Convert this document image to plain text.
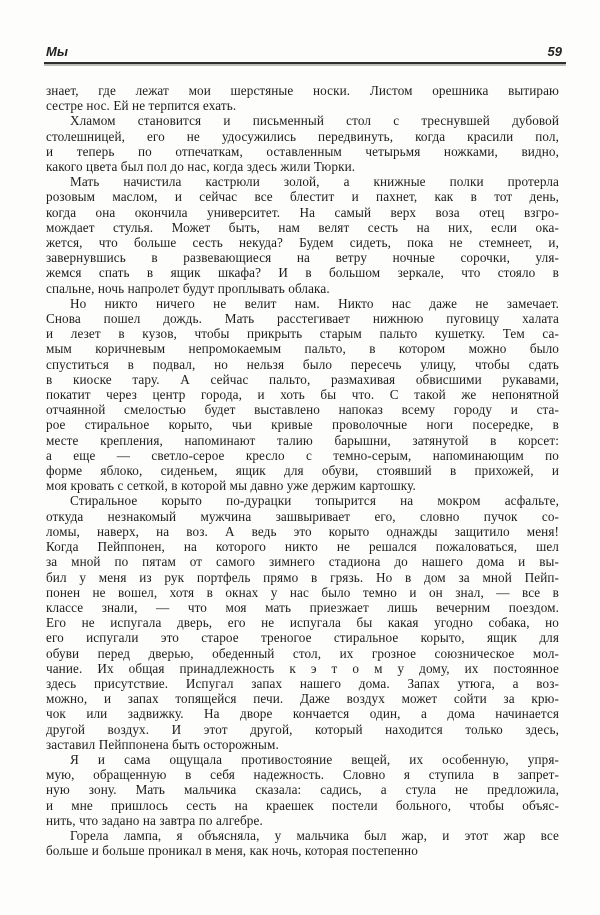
Мы	59
знает, где лежат мои шерстяные носки. Листом орешника вытираю
сестре нос. Ей не терпится ехать.
Хламом становится и письменный стол с треснувшей дубовой
столешницей, его не удосужились передвинуть, когда красили пол,
и теперь по отпечаткам, оставленным четырьмя ножками, видно,
какого цвета был пол до нас, когда здесь жили Тюрки.
Мать начистила кастрюли золой, а книжные полки протерла
розовым маслом, и сейчас все блестит и пахнет, как в тот день,
когда она окончила университет. На самый верх воза отец взгро-
мождает стулья. Может быть, нам велят сесть на них, если ока-
жется, что больше сесть некуда? Будем сидеть, пока не стемнеет, и,
завернувшись в развевающиеся на ветру ночные сорочки, уля-
жемся спать в ящик шкафа? И в большом зеркале, что стояло в
спальне, ночь напролет будут проплывать облака.
Но никто ничего не велит нам. Никто нас даже не замечает.
Снова пошел дождь. Мать расстегивает нижнюю пуговицу халата
и лезет в кузов, чтобы прикрыть старым пальто кушетку. Тем са-
мым коричневым непромокаемым пальто, в котором можно было
спуститься в подвал, но нельзя было пересечь улицу, чтобы сдать
в киоске тару. А сейчас пальто, размахивая обвисшими рукавами,
покатит через центр города, и хоть бы что. С такой же непонятной
отчаянной смелостью будет выставлено напоказ всему городу и ста-
рое стиральное корыто, чьи кривые проволочные ноги посередке, в
месте крепления, напоминают талию барышни, затянутой в корсет:
а еще — светло-серое кресло с темно-серым, напоминающим по
форме яблоко, сиденьем, ящик для обуви, стоявший в прихожей, и
моя кровать с сеткой, в которой мы давно уже держим картошку.
Стиральное корыто по-дурацки топырится на мокром асфальте,
откуда незнакомый мужчина зашвыривает его, словно пучок со-
ломы, наверх, на воз. А ведь это корыто однажды защитило меня!
Когда Пейппонен, на которого никто не решался пожаловаться, шел
за мной по пятам от самого зимнего стадиона до нашего дома и вы-
бил у меня из рук портфель прямо в грязь. Но в дом за мной Пейп-
понен не вошел, хотя в окнах у нас было темно и он знал, — все в
классе знали, — что моя мать приезжает лишь вечерним поездом.
Его не испугала дверь, его не испугала бы какая угодно собака, но
его испугали это старое треногое стиральное корыто, ящик для
обуви перед дверью, обеденный стол, их грозное союзническое мол-
чание. Их общая принадлежность к э т о м у дому, их постоянное
здесь присутствие. Испугал запах нашего дома. Запах утюга, а воз-
можно, и запах топящейся печи. Даже воздух может сойти за крю-
чок или задвижку. На дворе кончается один, а дома начинается
другой воздух. И этот другой, который находится только здесь,
заставил Пейппонена быть осторожным.
Я и сама ощущала противостояние вещей, их особенную, упря-
мую, обращенную в себя надежность. Словно я ступила в запрет-
ную зону. Мать мальчика сказала: садись, а стула не предложила,
и мне пришлось сесть на краешек постели больного, чтобы объяс-
нить, что задано на завтра по алгебре.
Горела лампа, я объясняла, у мальчика был жар, и этот жар все
больше и больше проникал в меня, как ночь, которая постепенно
